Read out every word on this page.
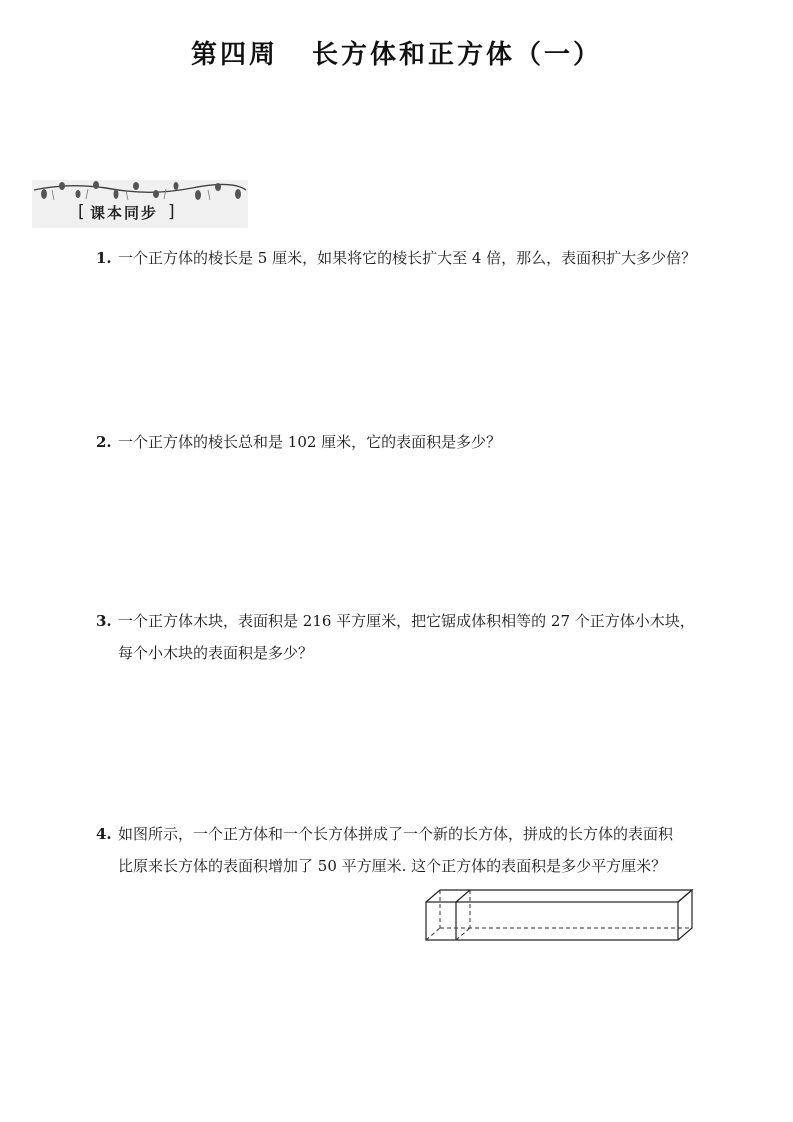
第四周 长方体和正方体（一）
[ 课本同步 ]
1. 一个正方体的棱长是 5 厘米，如果将它的棱长扩大至 4 倍，那么，表面积扩大多少倍？
2. 一个正方体的棱长总和是 102 厘米，它的表面积是多少？
3. 一个正方体木块，表面积是 216 平方厘米，把它锯成体积相等的 27 个正方体小木块，
每个小木块的表面积是多少？
4. 如图所示，一个正方体和一个长方体拼成了一个新的长方体，拼成的长方体的表面积
比原来长方体的表面积增加了 50 平方厘米. 这个正方体的表面积是多少平方厘米？
